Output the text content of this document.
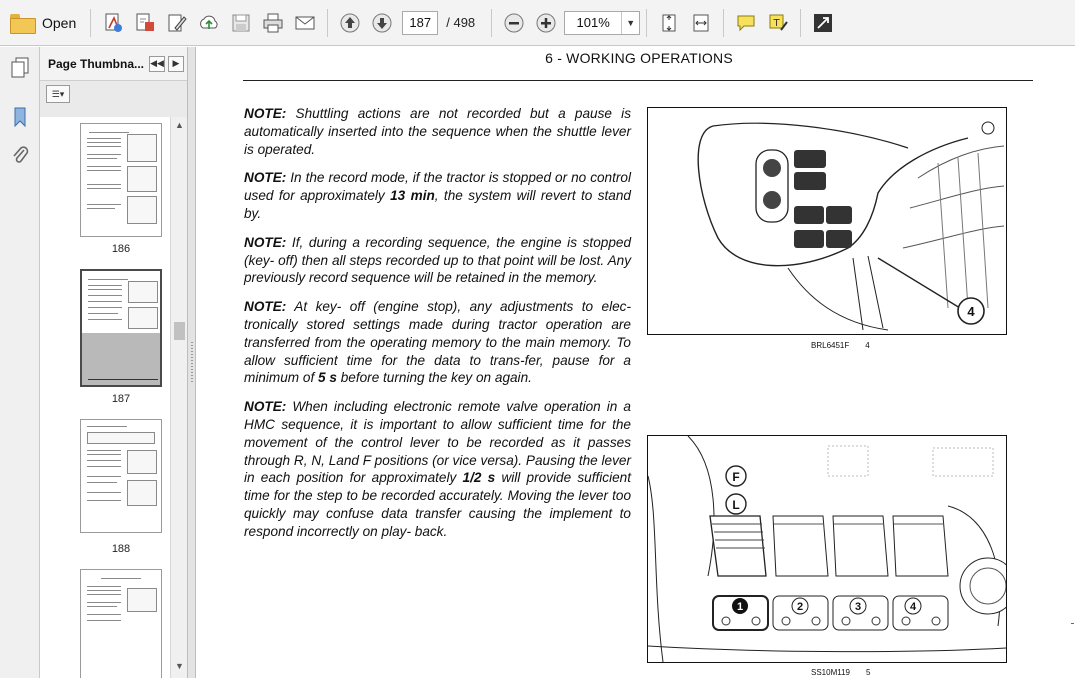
Open	187	/ 498	101%	▼	T
Page Thumbna... ◀◀ ▶
☰▾
186
187
188
▲
▼
6 - WORKING OPERATIONS

NOTE: Shuttling actions are not recorded but a pause is automatically inserted into the sequence when the shuttle lever is operated.

NOTE: In the record mode, if the tractor is stopped or no control used for approximately 13 min, the system will revert to stand by.

NOTE: If, during a recording sequence, the engine is stopped (key- off) then all steps recorded up to that point will be lost. Any previously record sequence will be retained in the memory.

NOTE: At key- off (engine stop), any adjustments to elec-tronically stored settings made during tractor operation are transferred from the operating memory to the main memory. To allow sufficient time for the data to trans-fer, pause for a minimum of 5 s before turning the key on again.

NOTE: When including electronic remote valve operation in a HMC sequence, it is important to allow sufficient time for the movement of the control lever to be recorded as it passes through R, N, Land F positions (or vice versa). Pausing the lever in each position for approximately 1/2 s will provide sufficient time for the step to be recorded accurately. Moving the lever too quickly may confuse data transfer causing the implement to respond incorrectly on play- back.

4
BRL6451F 4
F
L
1	2	3	4
SS10M119 5
